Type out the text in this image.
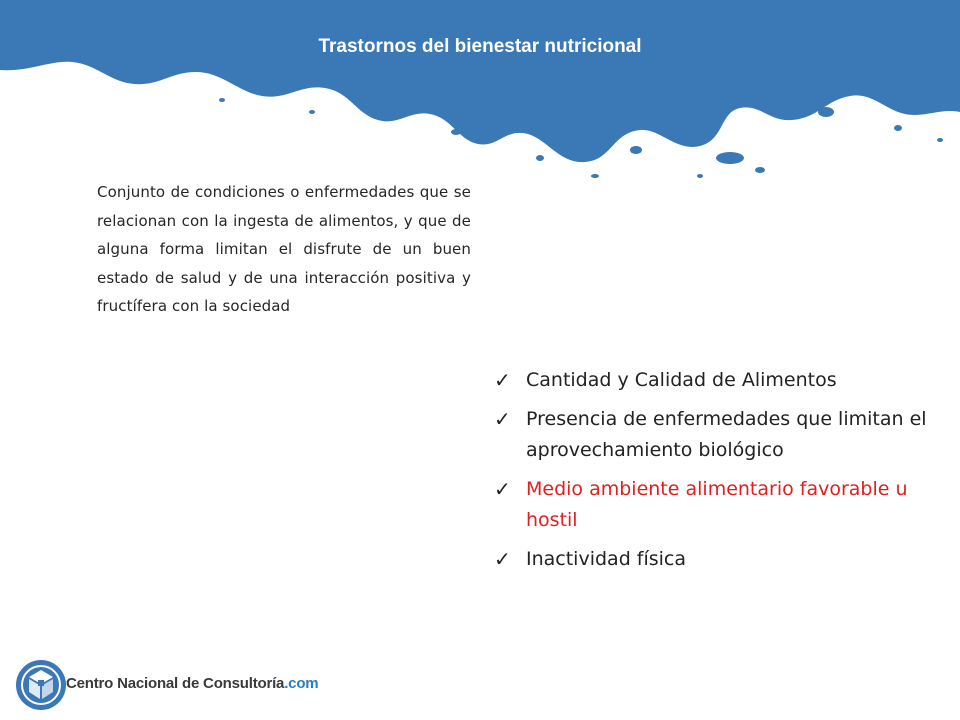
Trastornos del bienestar nutricional

Conjunto de condiciones o enfermedades que se relacionan con la ingesta de alimentos, y que de alguna forma limitan el disfrute de un buen estado de salud y de una interacción positiva y fructífera con la sociedad

✓ Cantidad y Calidad de Alimentos
✓ Presencia de enfermedades que limitan el aprovechamiento biológico
✓ Medio ambiente alimentario favorable u hostil
✓ Inactividad física
Centro Nacional de Consultoría.com
